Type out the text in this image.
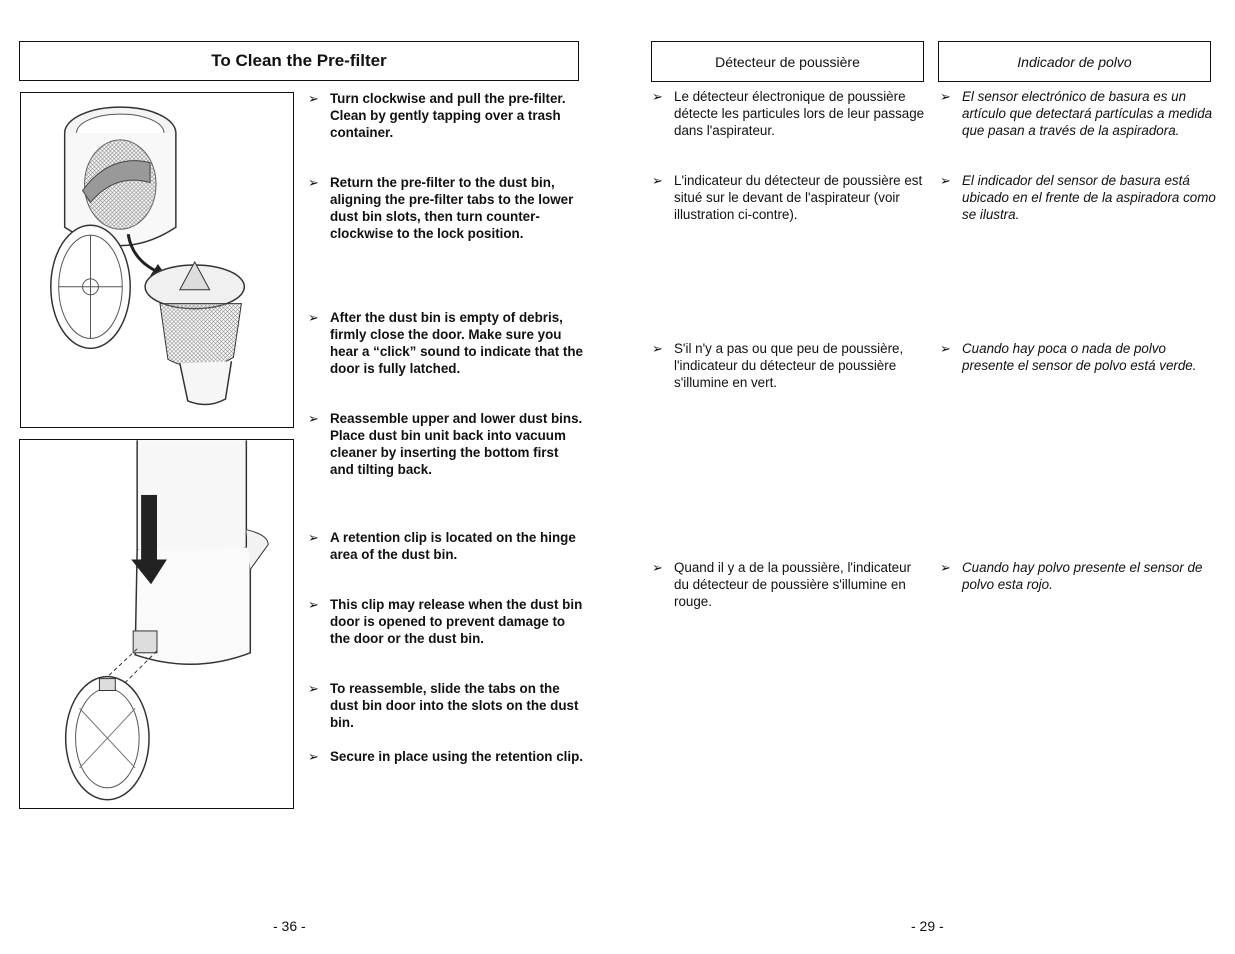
To Clean the Pre-filter	Détecteur de poussière	Indicador de polvo
➢ Turn clockwise and pull the pre-filter. Clean by gently tapping over a trash container.
➢ Return the pre-filter to the dust bin, aligning the pre-filter tabs to the lower dust bin slots, then turn counter-clockwise to the lock position.
➢ After the dust bin is empty of debris, firmly close the door. Make sure you hear a “click” sound to indicate that the door is fully latched.
➢ Reassemble upper and lower dust bins. Place dust bin unit back into vacuum cleaner by inserting the bottom first and tilting back.
➢ A retention clip is located on the hinge area of the dust bin.
➢ This clip may release when the dust bin door is opened to prevent damage to the door or the dust bin.
➢ To reassemble, slide the tabs on the dust bin door into the slots on the dust bin.
➢ Secure in place using the retention clip.
➢ Le détecteur électronique de poussière détecte les particules lors de leur passage dans l'aspirateur.
➢ L'indicateur du détecteur de poussière est situé sur le devant de l'aspirateur (voir illustration ci-contre).
➢ S'il n'y a pas ou que peu de poussière, l'indicateur du détecteur de poussière s'illumine en vert.
➢ Quand il y a de la poussière, l'indicateur du détecteur de poussière s'illumine en rouge.
➢ El sensor electrónico de basura es un artículo que detectará partículas a medida que pasan a través de la aspiradora.
➢ El indicador del sensor de basura está ubicado en el frente de la aspiradora como se ilustra.
➢ Cuando hay poca o nada de polvo presente el sensor de polvo está verde.
➢ Cuando hay polvo presente el sensor de polvo esta rojo.
- 36 -	- 29 -
